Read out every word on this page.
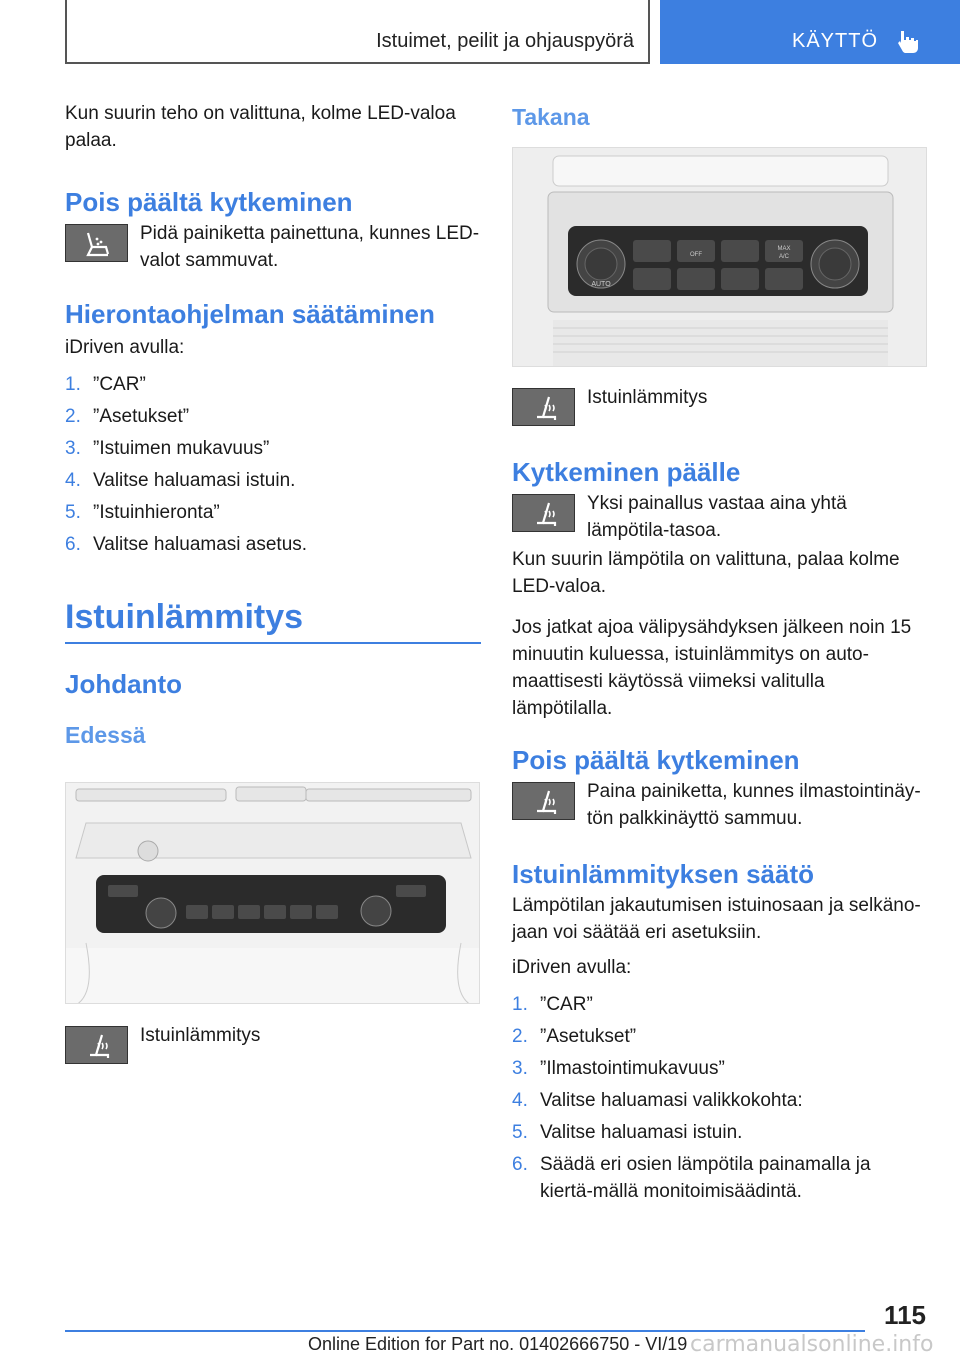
Istuimet, peilit ja ohjauspyörä	KÄYTTÖ

Kun suurin teho on valittuna, kolme LED-valoa palaa.

Pois päältä kytkeminen

Pidä painiketta painettuna, kunnes LED-valot sammuvat.

Hierontaohjelman säätäminen

iDriven avulla:

1. ”CAR”
2. ”Asetukset”
3. ”Istuimen mukavuus”
4. Valitse haluamasi istuin.
5. ”Istuinhieronta”
6. Valitse haluamasi asetus.
Istuinlämmitys
Johdanto
Edessä

Istuinlämmitys

Takana
AUTO
OFF
MAX
A/C

Istuinlämmitys

Kytkeminen päälle

Yksi painallus vastaa aina yhtä lämpötila-tasoa.

Kun suurin lämpötila on valittuna, palaa kolme LED-valoa.

Jos jatkat ajoa välipysähdyksen jälkeen noin 15 minuutin kuluessa, istuinlämmitys on auto-maattisesti käytössä viimeksi valitulla lämpötilalla.

Pois päältä kytkeminen

Paina painiketta, kunnes ilmastointinäy-tön palkkinäyttö sammuu.

Istuinlämmityksen säätö

Lämpötilan jakautumisen istuinosaan ja selkäno-jaan voi säätää eri asetuksiin.

iDriven avulla:

1. ”CAR”
2. ”Asetukset”
3. ”Ilmastointimukavuus”
4. Valitse haluamasi valikkokohta:
5. Valitse haluamasi istuin.
6. Säädä eri osien lämpötila painamalla ja kiertä-mällä monitoimisäädintä.
115
Online Edition for Part no. 01402666750 - VI/19 carmanualsonline.info
